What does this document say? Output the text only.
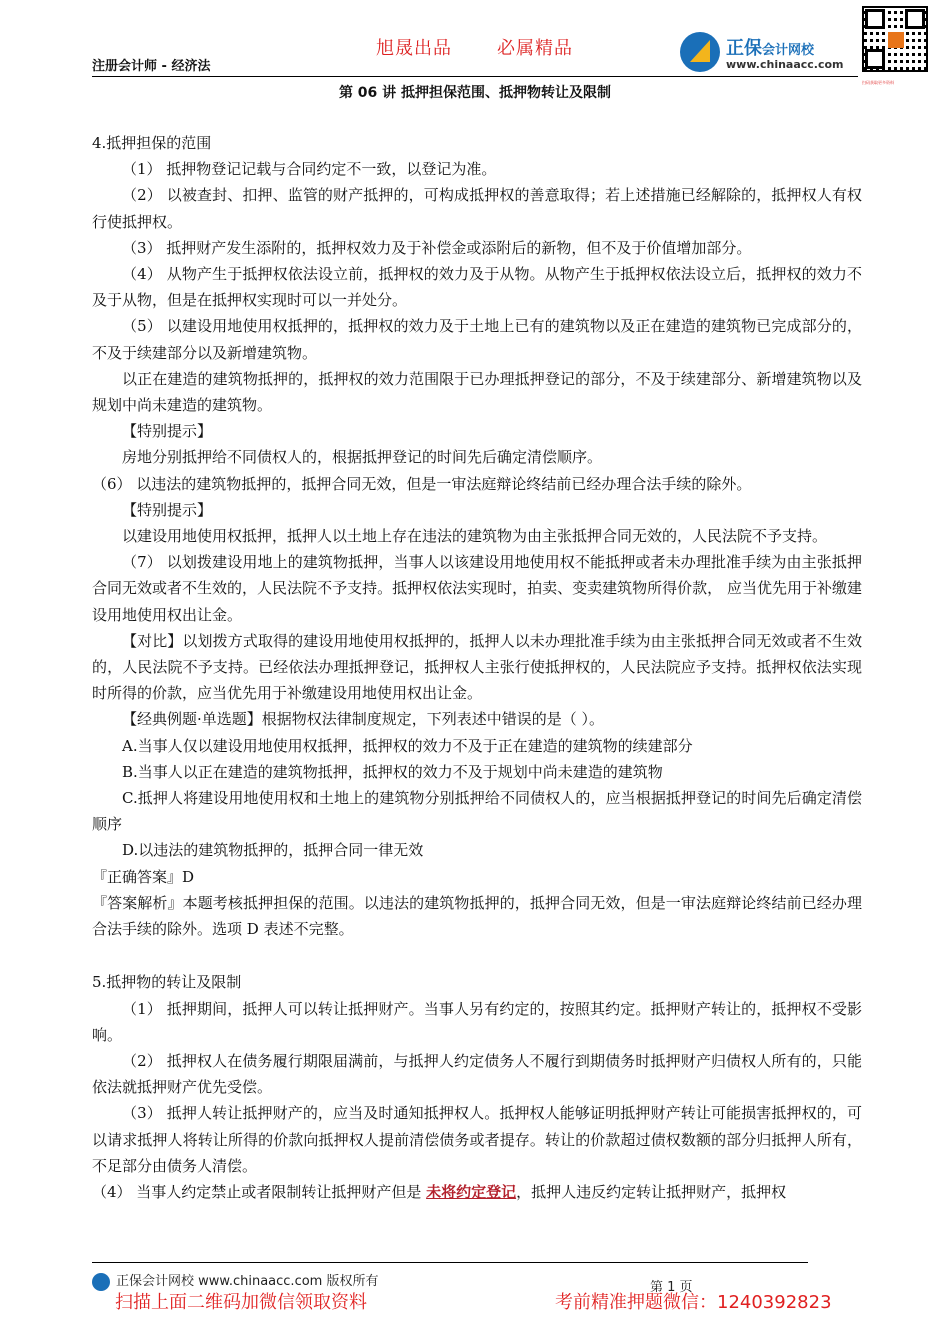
旭晟出品	必属精品
注册会计师 - 经济法
正保会计网校
www.chinaacc.com
扫码获取更多资料
第 06 讲 抵押担保范围、抵押物转让及限制

4.抵押担保的范围

（1） 抵押物登记记载与合同约定不一致，以登记为准。

（2） 以被查封、扣押、监管的财产抵押的，可构成抵押权的善意取得；若上述措施已经解除的，抵押权人有权行使抵押权。

（3） 抵押财产发生添附的，抵押权效力及于补偿金或添附后的新物，但不及于价值增加部分。

（4） 从物产生于抵押权依法设立前，抵押权的效力及于从物。从物产生于抵押权依法设立后，抵押权的效力不及于从物，但是在抵押权实现时可以一并处分。

（5） 以建设用地使用权抵押的，抵押权的效力及于土地上已有的建筑物以及正在建造的建筑物已完成部分的，不及于续建部分以及新增建筑物。

以正在建造的建筑物抵押的，抵押权的效力范围限于已办理抵押登记的部分，不及于续建部分、新增建筑物以及规划中尚未建造的建筑物。

【特别提示】

房地分别抵押给不同债权人的，根据抵押登记的时间先后确定清偿顺序。

（6） 以违法的建筑物抵押的，抵押合同无效，但是一审法庭辩论终结前已经办理合法手续的除外。

【特别提示】

以建设用地使用权抵押，抵押人以土地上存在违法的建筑物为由主张抵押合同无效的，人民法院不予支持。

（7） 以划拨建设用地上的建筑物抵押，当事人以该建设用地使用权不能抵押或者未办理批准手续为由主张抵押合同无效或者不生效的，人民法院不予支持。抵押权依法实现时，拍卖、变卖建筑物所得价款， 应当优先用于补缴建设用地使用权出让金。

【对比】以划拨方式取得的建设用地使用权抵押的，抵押人以未办理批准手续为由主张抵押合同无效或者不生效的，人民法院不予支持。已经依法办理抵押登记，抵押权人主张行使抵押权的，人民法院应予支持。抵押权依法实现时所得的价款，应当优先用于补缴建设用地使用权出让金。

【经典例题·单选题】根据物权法律制度规定，下列表述中错误的是（ ）。

A.当事人仅以建设用地使用权抵押，抵押权的效力不及于正在建造的建筑物的续建部分

B.当事人以正在建造的建筑物抵押，抵押权的效力不及于规划中尚未建造的建筑物

C.抵押人将建设用地使用权和土地上的建筑物分别抵押给不同债权人的，应当根据抵押登记的时间先后确定清偿顺序

D.以违法的建筑物抵押的，抵押合同一律无效

『正确答案』D

『答案解析』本题考核抵押担保的范围。以违法的建筑物抵押的，抵押合同无效，但是一审法庭辩论终结前已经办理合法手续的除外。选项 D 表述不完整。

5.抵押物的转让及限制

（1） 抵押期间，抵押人可以转让抵押财产。当事人另有约定的，按照其约定。抵押财产转让的，抵押权不受影响。

（2） 抵押权人在债务履行期限届满前，与抵押人约定债务人不履行到期债务时抵押财产归债权人所有的，只能依法就抵押财产优先受偿。

（3） 抵押人转让抵押财产的，应当及时通知抵押权人。抵押权人能够证明抵押财产转让可能损害抵押权的，可以请求抵押人将转让所得的价款向抵押权人提前清偿债务或者提存。转让的价款超过债权数额的部分归抵押人所有，不足部分由债务人清偿。

（4） 当事人约定禁止或者限制转让抵押财产但是 未将约定登记，抵押人违反约定转让抵押财产，抵押权

正保会计网校 www.chinaacc.com 版权所有	第 1 页
扫描上面二维码加微信领取资料	考前精准押题微信：1240392823
